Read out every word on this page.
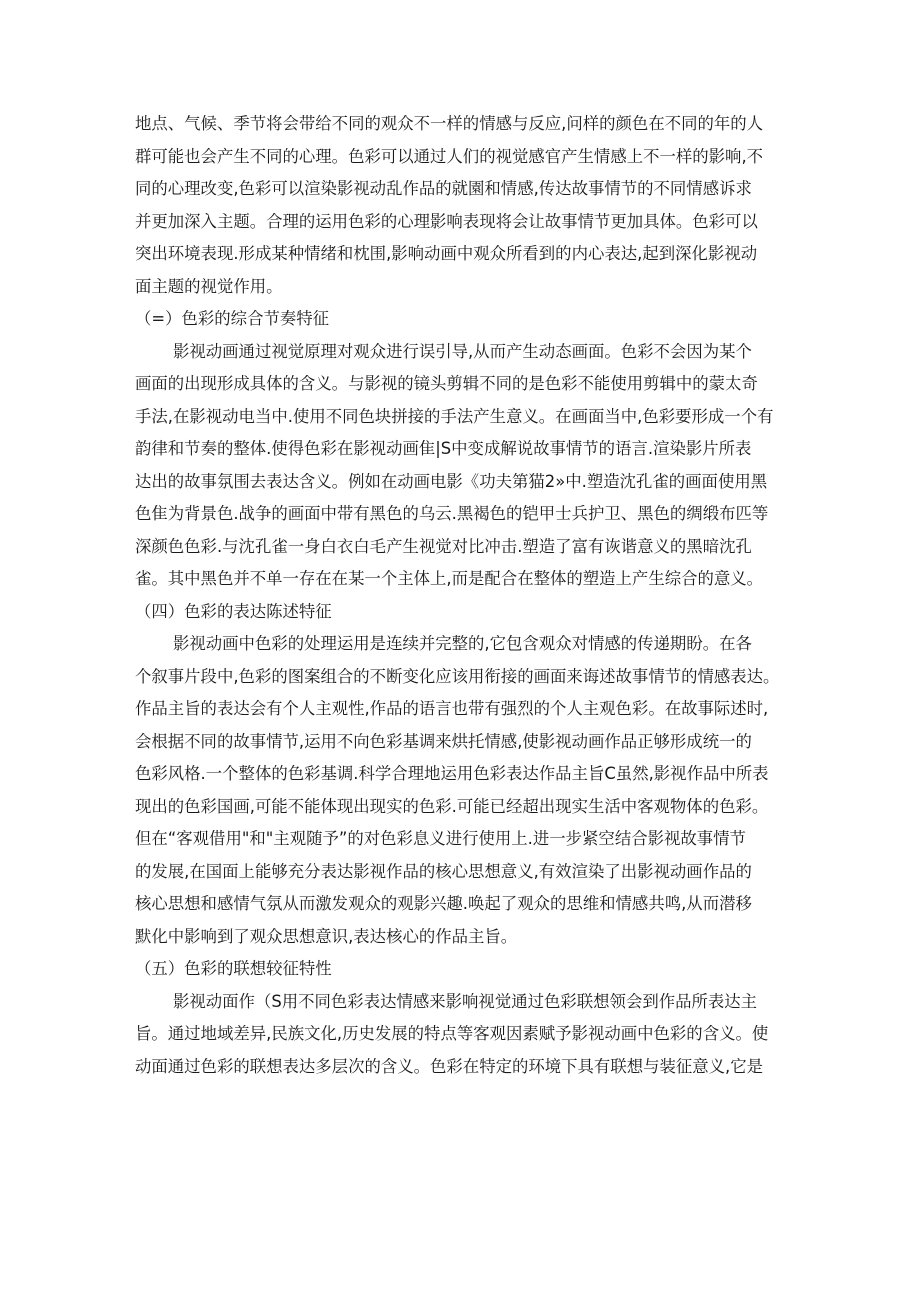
地点、气候、季节将会带给不同的观众不一样的情感与反应,问样的颜色在不同的年的人
群可能也会产生不同的心理。色彩可以通过人们的视觉感官产生情感上不一样的影响,不
同的心理改变,色彩可以渲染影视动乱作品的就園和情感,传达故事情节的不同情感诉求
并更加深入主题。合理的运用色彩的心理影响表现将会让故事情节更加具体。色彩可以
突出环境表现.形成某种情绪和枕围,影响动画中观众所看到的内心表达,起到深化影视动
面主题的视觉作用。
（=）色彩的综合节奏特征
影视动画通过视觉原理对观众进行误引导,从而产生动态画面。色彩不会因为某个
画面的出现形成具体的含义。与影视的镜头剪辑不同的是色彩不能使用剪辑中的蒙太奇
手法,在影视动电当中.使用不同色块拼接的手法产生意义。在画面当中,色彩要形成一个有
韵律和节奏的整体.使得色彩在影视动画隹|S中变成解说故事情节的语言.渲染影片所表
达出的故事氛围去表达含义。例如在动画电影《功夫第猫2»中.塑造沈孔雀的画面使用黑
色隹为背景色.战争的画面中带有黑色的乌云.黑褐色的铠甲士兵护卫、黑色的绸缎布匹等
深颜色色彩.与沈孔雀一身白衣白毛产生视觉对比冲击.塑造了富有诙谐意义的黑暗沈孔
雀。其中黑色并不单一存在在某一个主体上,而是配合在整体的塑造上产生综合的意义。
（四）色彩的表达陈述特征
影视动画中色彩的处理运用是连续并完整的,它包含观众对情感的传递期盼。在各
个叙事片段中,色彩的图案组合的不断变化应该用衔接的画面来诲述故事情节的情感表达。
作品主旨的表达会有个人主观性,作品的语言也带有强烈的个人主观色彩。在故事际述时,
会根据不同的故事情节,运用不向色彩基调来烘托情感,使影视动画作品正够形成统一的
色彩风格.一个整体的色彩基调.科学合理地运用色彩表达作品主旨C虽然,影视作品中所表
现出的色彩国画,可能不能体现出现实的色彩.可能已经超出现实生活中客观物体的色彩。
但在“客观借用"和"主观随予”的对色彩息义进行使用上.进一步紧空结合影视故事情节
的发展,在国面上能够充分表达影视作品的核心思想意义,有效渲染了出影视动画作品的
核心思想和感情气氛从而激发观众的观影兴趣.唤起了观众的思维和情感共鸣,从而潜移
默化中影响到了观众思想意识,表达核心的作品主旨。
（五）色彩的联想较征特性
影视动面作（S用不同色彩表达情感来影响视觉通过色彩联想领会到作品所表达主
旨。通过地域差异,民族文化,历史发展的特点等客观因素赋予影视动画中色彩的含义。使
动面通过色彩的联想表达多层次的含义。色彩在特定的环境下具有联想与装征意义,它是
